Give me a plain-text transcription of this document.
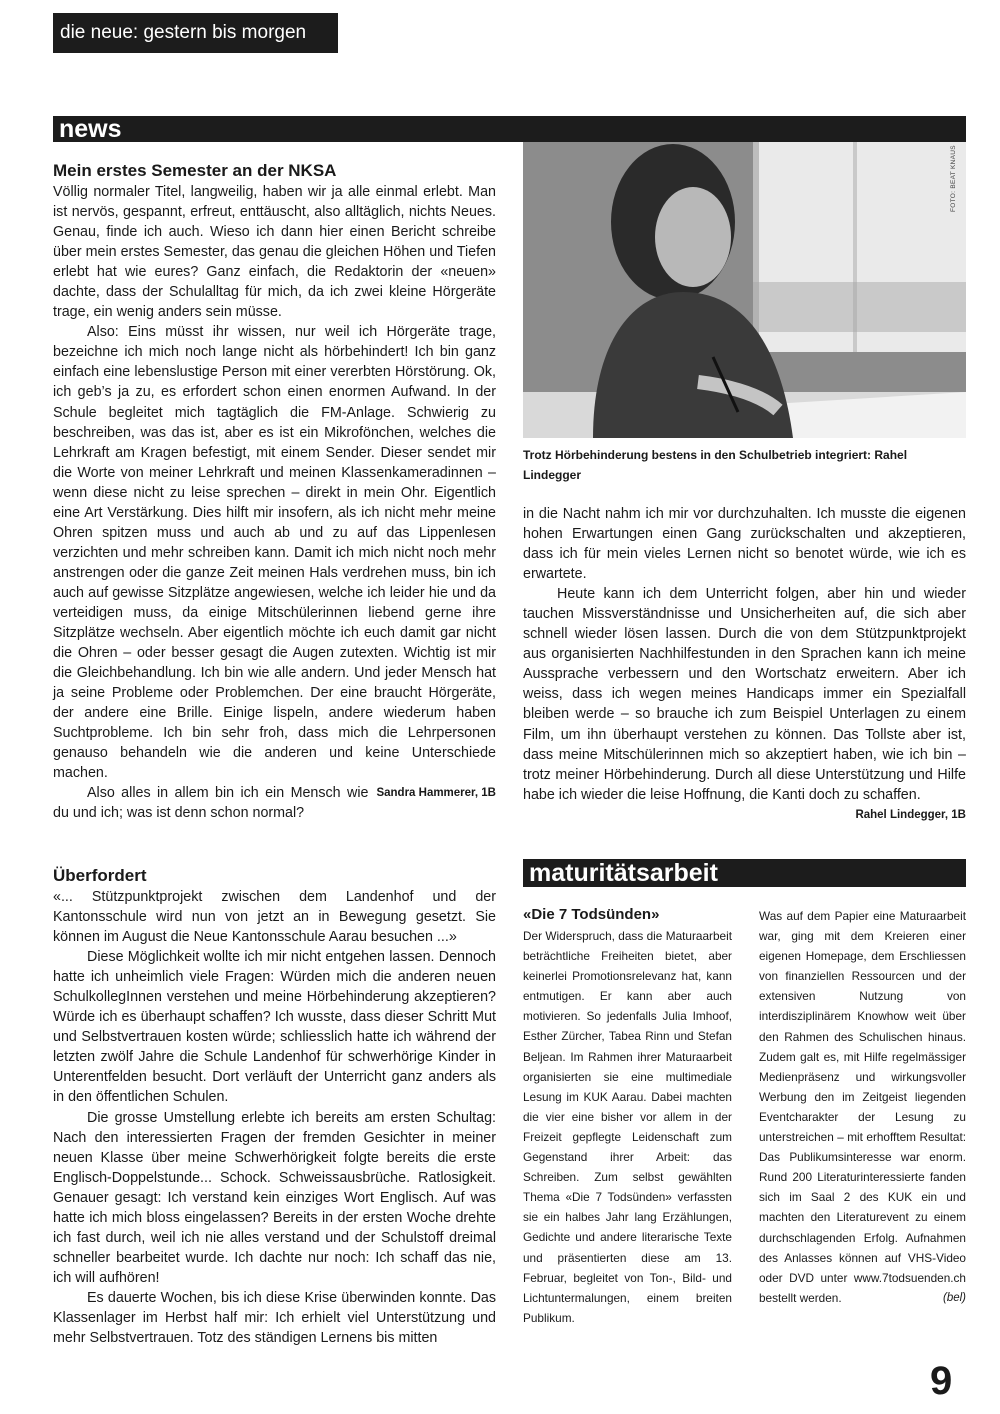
die neue: gestern bis morgen
news
Mein erstes Semester an der NKSA

Völlig normaler Titel, langweilig, haben wir ja alle einmal erlebt. Man ist nervös, gespannt, erfreut, enttäuscht, also alltäglich, nichts Neues. Genau, finde ich auch. Wieso ich dann hier einen Bericht schreibe über mein erstes Semester, das genau die gleichen Höhen und Tiefen erlebt hat wie eures? Ganz einfach, die Redaktorin der «neuen» dachte, dass der Schulalltag für mich, da ich zwei kleine Hörgeräte trage, ein wenig anders sein müsse.

Also: Eins müsst ihr wissen, nur weil ich Hörgeräte trage, bezeichne ich mich noch lange nicht als hörbehindert! Ich bin ganz einfach eine lebenslustige Person mit einer vererbten Hörstörung. Ok, ich geb’s ja zu, es erfordert schon einen enormen Aufwand. In der Schule begleitet mich tagtäglich die FM-Anlage. Schwierig zu beschreiben, was das ist, aber es ist ein Mikrofönchen, welches die Lehrkraft am Kragen befestigt, mit einem Sender. Dieser sendet mir die Worte von meiner Lehrkraft und meinen Klassenkameradinnen – wenn diese nicht zu leise sprechen – direkt in mein Ohr. Eigentlich eine Art Verstärkung. Dies hilft mir insofern, als ich nicht mehr meine Ohren spitzen muss und auch ab und zu auf das Lippenlesen verzichten und mehr schreiben kann. Damit ich mich nicht noch mehr anstrengen oder die ganze Zeit meinen Hals verdrehen muss, bin ich auch auf gewisse Sitzplätze angewiesen, welche ich leider hie und da verteidigen muss, da einige Mitschülerinnen liebend gerne ihre Sitzplätze wechseln. Aber eigentlich möchte ich euch damit gar nicht die Ohren – oder besser gesagt die Augen zutexten. Wichtig ist mir die Gleichbehandlung. Ich bin wie alle andern. Und jeder Mensch hat ja seine Probleme oder Problemchen. Der eine braucht Hörgeräte, der andere eine Brille. Einige lispeln, andere wiederum haben Suchtprobleme. Ich bin sehr froh, dass mich die Lehrpersonen genauso behandeln wie die anderen und keine Unterschiede machen.

Sandra Hammerer, 1B
Also alles in allem bin ich ein Mensch wie du und ich; was ist denn schon normal?

FOTO: BEAT KNAUS
Trotz Hörbehinderung bestens in den Schulbetrieb integriert: Rahel Lindegger

in die Nacht nahm ich mir vor durchzuhalten. Ich musste die eigenen hohen Erwartungen einen Gang zurückschalten und akzeptieren, dass ich für mein vieles Lernen nicht so benotet würde, wie ich es erwartete.

Heute kann ich dem Unterricht folgen, aber hin und wieder tauchen Missverständnisse und Unsicherheiten auf, die sich aber schnell wieder lösen lassen. Durch die von dem Stützpunktprojekt aus organisierten Nachhilfestunden in den Sprachen kann ich meine Aussprache verbessern und den Wortschatz erweitern. Aber ich weiss, dass ich wegen meines Handicaps immer ein Spezialfall bleiben werde – so brauche ich zum Beispiel Unterlagen zu einem Film, um ihn überhaupt verstehen zu können. Das Tollste aber ist, dass meine Mitschülerinnen mich so akzeptiert haben, wie ich bin – trotz meiner Hörbehinderung. Durch all diese Unterstützung und Hilfe habe ich wieder die leise Hoffnung, die Kanti doch zu schaffen.
Rahel Lindegger, 1B

Überfordert

«... Stützpunktprojekt zwischen dem Landenhof und der Kantonsschule wird nun von jetzt an in Bewegung gesetzt. Sie können im August die Neue Kantonsschule Aarau besuchen ...»

Diese Möglichkeit wollte ich mir nicht entgehen lassen. Dennoch hatte ich unheimlich viele Fragen: Würden mich die anderen neuen SchulkollegInnen verstehen und meine Hörbehinderung akzeptieren? Würde ich es überhaupt schaffen? Ich wusste, dass dieser Schritt Mut und Selbstvertrauen kosten würde; schliesslich hatte ich während der letzten zwölf Jahre die Schule Landenhof für schwerhörige Kinder in Unterentfelden besucht. Dort verläuft der Unterricht ganz anders als in den öffentlichen Schulen.

Die grosse Umstellung erlebte ich bereits am ersten Schultag: Nach den interessierten Fragen der fremden Gesichter in meiner neuen Klasse über meine Schwerhörigkeit folgte bereits die erste Englisch-Doppelstunde... Schock. Schweissausbrüche. Ratlosigkeit. Genauer gesagt: Ich verstand kein einziges Wort Englisch. Auf was hatte ich mich bloss eingelassen? Bereits in der ersten Woche drehte ich fast durch, weil ich nie alles verstand und der Schulstoff dreimal schneller bearbeitet wurde. Ich dachte nur noch: Ich schaff das nie, ich will aufhören!

Es dauerte Wochen, bis ich diese Krise überwinden konnte. Das Klassenlager im Herbst half mir: Ich erhielt viel Unterstützung und mehr Selbstvertrauen. Totz des ständigen Lernens bis mitten

maturitätsarbeit
«Die 7 Todsünden»

Der Widerspruch, dass die Maturaarbeit beträchtliche Freiheiten bietet, aber keinerlei Promotionsrelevanz hat, kann entmutigen. Er kann aber auch motivieren. So jedenfalls Julia Imhoof, Esther Zürcher, Tabea Rinn und Stefan Beljean. Im Rahmen ihrer Maturaarbeit organisierten sie eine multimediale Lesung im KUK Aarau. Dabei machten die vier eine bisher vor allem in der Freizeit gepflegte Leidenschaft zum Gegenstand ihrer Arbeit: das Schreiben. Zum selbst gewählten Thema «Die 7 Todsünden» verfassten sie ein halbes Jahr lang Erzählungen, Gedichte und andere literarische Texte und präsentierten diese am 13. Februar, begleitet von Ton-, Bild- und Lichtuntermalungen, einem breiten Publikum.

Was auf dem Papier eine Maturaarbeit war, ging mit dem Kreieren einer eigenen Homepage, dem Erschliessen von finanziellen Ressourcen und der extensiven Nutzung von interdisziplinärem Knowhow weit über den Rahmen des Schulischen hinaus. Zudem galt es, mit Hilfe regelmässiger Medienpräsenz und wirkungsvoller Werbung den im Zeitgeist liegenden Eventcharakter der Lesung zu unterstreichen – mit erhofftem Resultat: Das Publikumsinteresse war enorm. Rund 200 Literaturinteressierte fanden sich im Saal 2 des KUK ein und machten den Literaturevent zu einem durchschlagenden Erfolg. Aufnahmen des Anlasses können auf VHS-Video oder DVD unter www.7todsuenden.ch bestellt werden.	(bel)

9
